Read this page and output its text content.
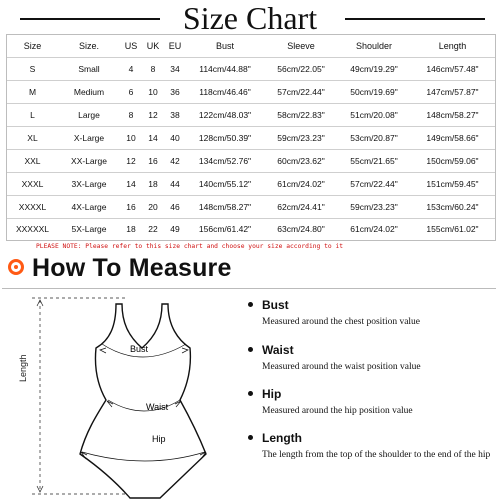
Size Chart
Size	Size.	US	UK	EU	Bust	Sleeve	Shoulder	Length
S	Small	4	8	34	114cm/44.88"	56cm/22.05"	49cm/19.29"	146cm/57.48"
M	Medium	6	10	36	118cm/46.46"	57cm/22.44"	50cm/19.69"	147cm/57.87"
L	Large	8	12	38	122cm/48.03"	58cm/22.83"	51cm/20.08"	148cm/58.27"
XL	X-Large	10	14	40	128cm/50.39"	59cm/23.23"	53cm/20.87"	149cm/58.66"
XXL	XX-Large	12	16	42	134cm/52.76"	60cm/23.62"	55cm/21.65"	150cm/59.06"
XXXL	3X-Large	14	18	44	140cm/55.12"	61cm/24.02"	57cm/22.44"	151cm/59.45"
XXXXL	4X-Large	16	20	46	148cm/58.27"	62cm/24.41"	59cm/23.23"	153cm/60.24"
XXXXXL	5X-Large	18	22	49	156cm/61.42"	63cm/24.80"	61cm/24.02"	155cm/61.02"
PLEASE NOTE: Please refer to this size chart and choose your size according to it
How To Measure
Bust
Waist
Hip
Length
Bust
Measured around the chest position value
Waist
Measured around the waist position value
Hip
Measured around the hip position value
Length
The length from the top of the shoulder to the end of the hip
